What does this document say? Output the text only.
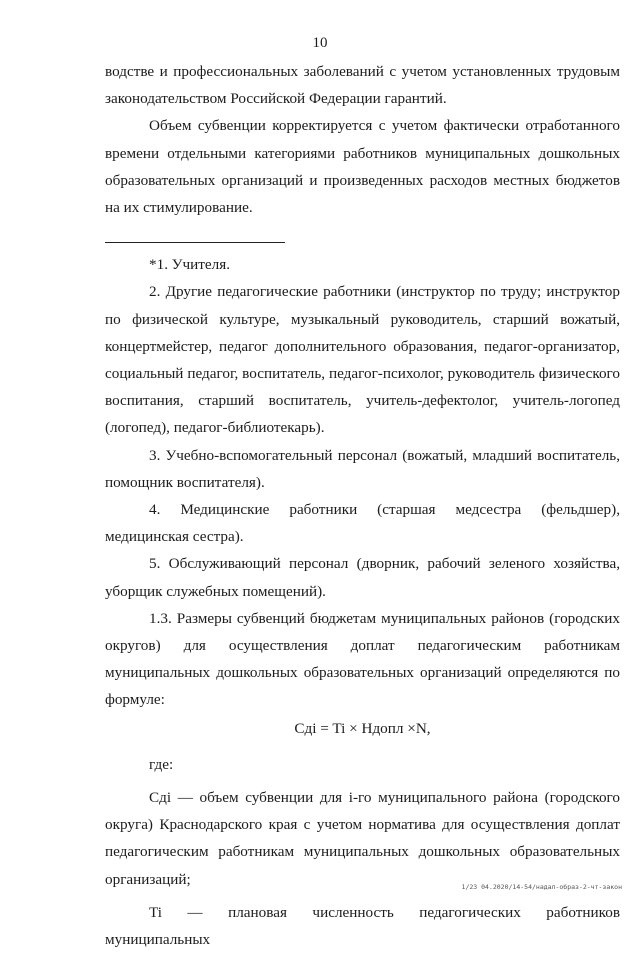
10

водстве и профессиональных заболеваний с учетом установленных трудовым законодательством Российской Федерации гарантий.

Объем субвенции корректируется с учетом фактически отработанного времени отдельными категориями работников муниципальных дошкольных образовательных организаций и произведенных расходов местных бюджетов на их стимулирование.

*1. Учителя.

2. Другие педагогические работники (инструктор по труду; инструктор по физической культуре, музыкальный руководитель, старший вожатый, концертмейстер, педагог дополнительного образования, педагог-организатор, социальный педагог, воспитатель, педагог-психолог, руководитель физического воспитания, старший воспитатель, учитель-дефектолог, учитель-логопед (логопед), педагог-библиотекарь).

3. Учебно-вспомогательный персонал (вожатый, младший воспитатель, помощник воспитателя).

4. Медицинские работники (старшая медсестра (фельдшер), медицинская сестра).

5. Обслуживающий персонал (дворник, рабочий зеленого хозяйства, уборщик служебных помещений).

1.3. Размеры субвенций бюджетам муниципальных районов (городских округов) для осуществления доплат педагогическим работникам муниципальных дошкольных образовательных организаций определяются по формуле:

Cдi = Ti × Hдопл ×N,

где:

Cдi — объем субвенции для i-го муниципального района (городского округа) Краснодарского края с учетом норматива для осуществления доплат педагогическим работникам муниципальных дошкольных образовательных организаций;

Ti — плановая численность педагогических работников муниципальных

1/23 04.2020/14-54/надал-образ-2-чт-закон
